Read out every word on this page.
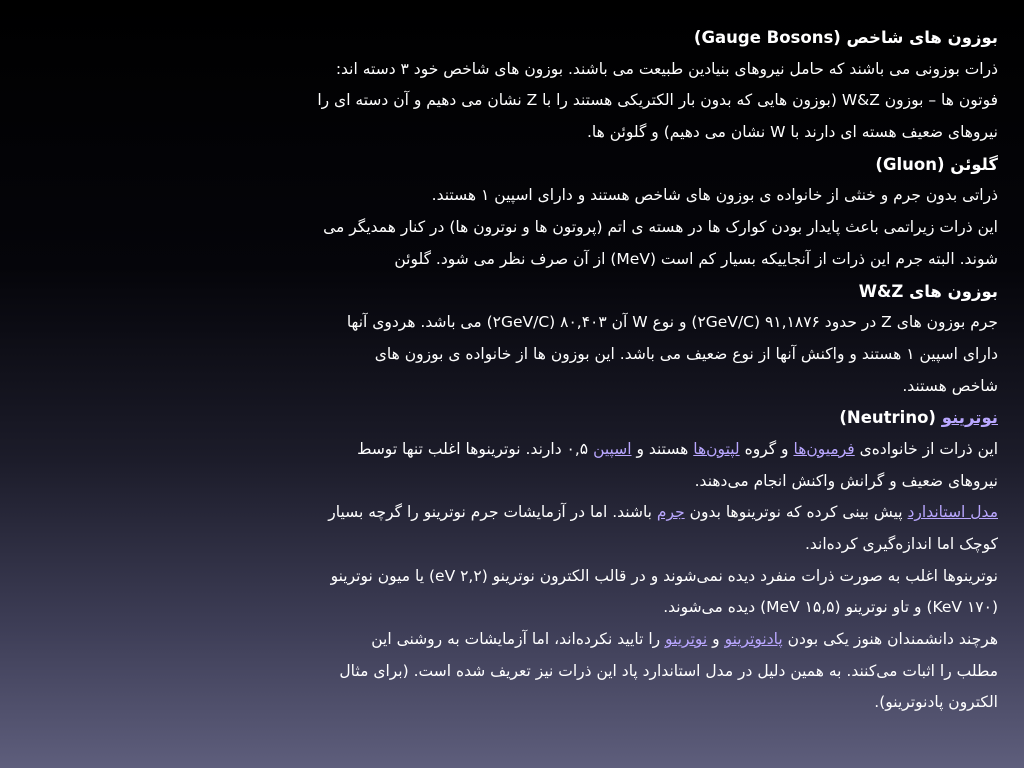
بوزون های شاخص (Gauge Bosons)
ذرات بوزونی می باشند که حامل نیروهای بنیادین طبیعت می باشند. بوزون های شاخص خود ۳ دسته اند:
فوتون ها – بوزون W&Z (بوزون هایی که بدون بار الکتریکی هستند را با Z نشان می دهیم و آن دسته ای را
نیروهای ضعیف هسته ای دارند با W نشان می دهیم) و گلوئن ها.
گلوئن (Gluon)
ذراتی بدون جرم و خنثی از خانواده ی بوزون های شاخص هستند و دارای اسپین ۱ هستند.
این ذرات زیراتمی باعث پایدار بودن کوارک ها در هسته ی اتم (پروتون ها و نوترون ها) در کنار همدیگر می
شوند. البته جرم این ذرات از آنجاییکه بسیار کم است (MeV) از آن صرف نظر می شود. گلوئن
بوزون های W&Z
جرم بوزون های Z در حدود ۹۱,۱۸۷۶ (۲GeV/C) و نوع W آن ۸۰,۴۰۳ (۲GeV/C) می باشد. هردوی آنها
دارای اسپین ۱ هستند و واکنش آنها از نوع ضعیف می باشد. این بوزون ها از خانواده ی بوزون های
شاخص هستند.
نوترینو (Neutrino)
این ذرات از خانواده‌ی فرمیون‌ها و گروه لپتون‌ها هستند و اسپین ۰,۵ دارند. نوترینوها اغلب تنها توسط
نیروهای ضعیف و گرانش واکنش انجام می‌دهند.
مدل استاندارد پیش بینی کرده که نوترینوها بدون جرم باشند. اما در آزمایشات جرم نوترینو را گرچه بسیار
کوچک اما اندازه‌گیری کرده‌اند.
نوترینوها اغلب به صورت ذرات منفرد دیده نمی‌شوند و در قالب الکترون نوترینو (eV ۲,۲) یا میون نوترینو
(KeV ۱۷۰) و تاو نوترینو (MeV ۱۵,۵) دیده می‌شوند.
هرچند دانشمندان هنوز یکی بودن پادنوترینو و نوترینو را تایید نکرده‌اند، اما آزمایشات به روشنی این
مطلب را اثبات می‌کنند. به همین دلیل در مدل استاندارد پاد این ذرات نیز تعریف شده است. (برای مثال
الکترون پادنوترینو).
